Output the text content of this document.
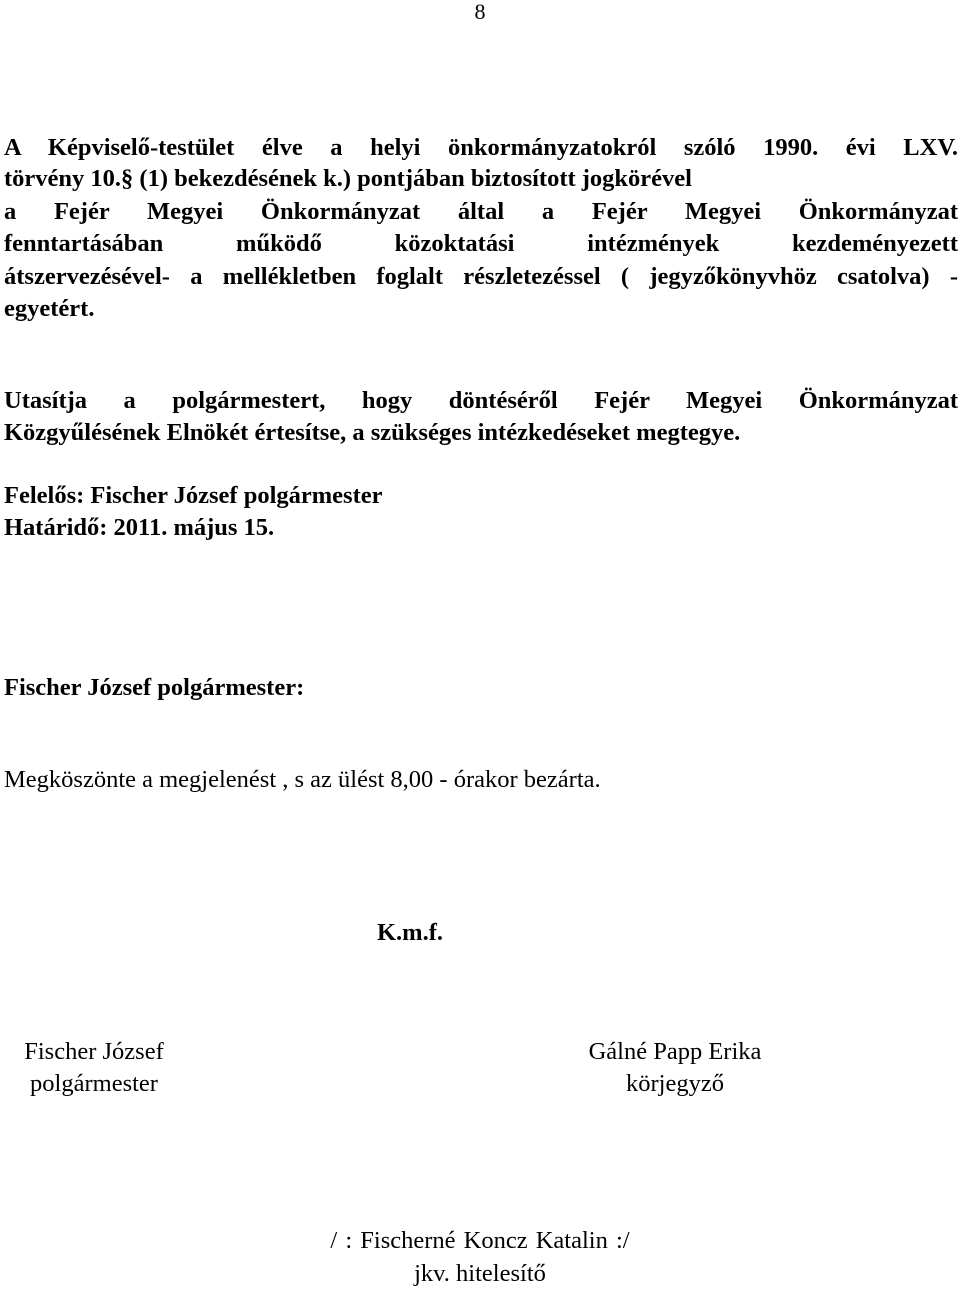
8
A Képviselő-testület élve a helyi önkormányzatokról szóló 1990. évi LXV.
törvény 10.§ (1) bekezdésének k.) pontjában biztosított jogkörével
a Fejér Megyei Önkormányzat által a Fejér Megyei Önkormányzat
fenntartásában működő közoktatási intézmények kezdeményezett
átszervezésével- a mellékletben foglalt részletezéssel ( jegyzőkönyvhöz csatolva) -
egyetért.
Utasítja a polgármestert, hogy döntéséről Fejér Megyei Önkormányzat
Közgyűlésének Elnökét értesítse, a szükséges intézkedéseket megtegye.
Felelős: Fischer József polgármester
Határidő: 2011. május 15.
Fischer József polgármester:
Megköszönte a megjelenést , s az ülést 8,00 - órakor bezárta.
K.m.f.
Fischer József
polgármester
Gálné Papp Erika
körjegyző
/ : Fischerné Koncz Katalin :/
jkv. hitelesítő
